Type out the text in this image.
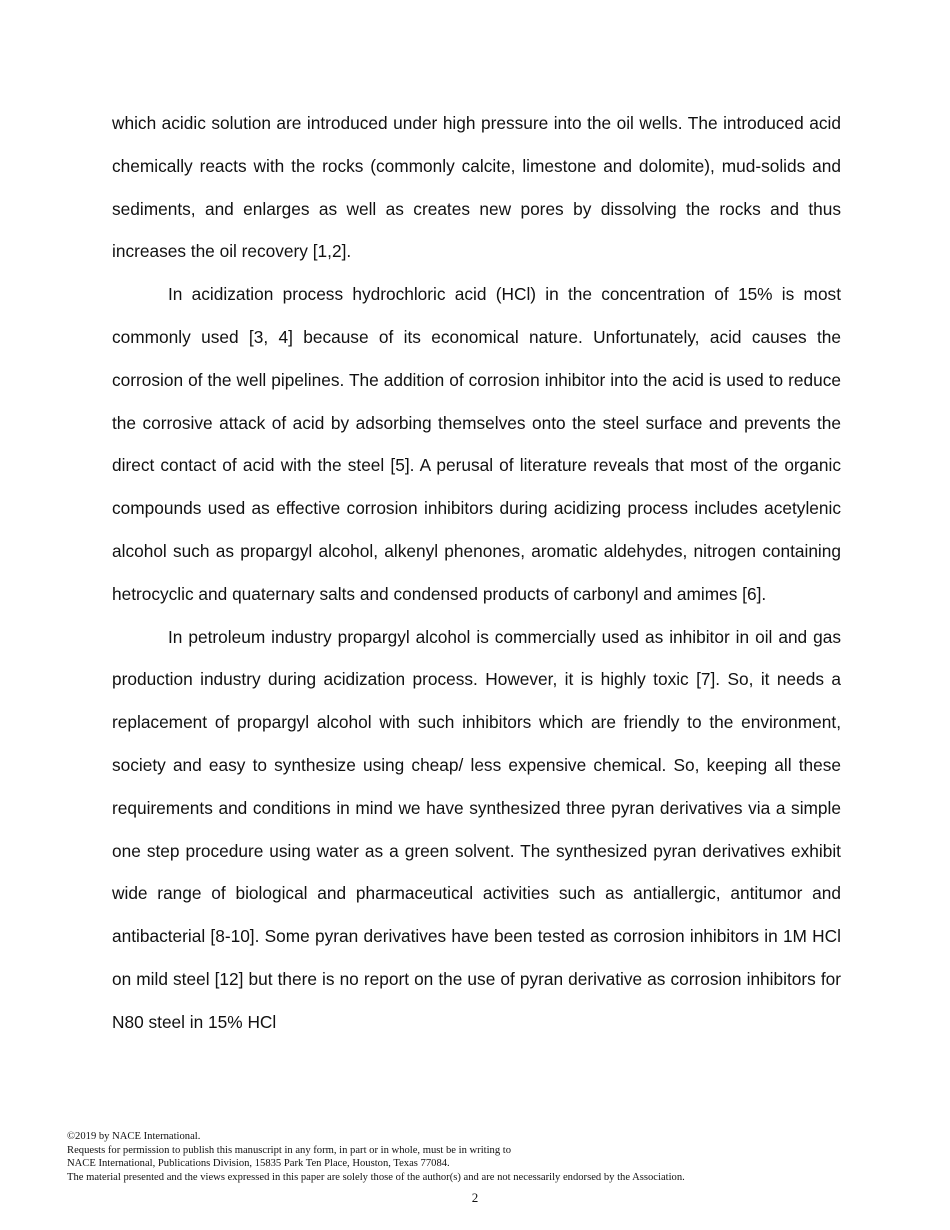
which acidic solution are introduced under high pressure into the oil wells. The introduced acid chemically reacts with the rocks (commonly calcite, limestone and dolomite), mud-solids and sediments, and enlarges as well as creates new pores by dissolving the rocks and thus increases the oil recovery [1,2].

In acidization process hydrochloric acid (HCl) in the concentration of 15% is most commonly used [3, 4] because of its economical nature. Unfortunately, acid causes the corrosion of the well pipelines. The addition of corrosion inhibitor into the acid is used to reduce the corrosive attack of acid by adsorbing themselves onto the steel surface and prevents the direct contact of acid with the steel [5]. A perusal of literature reveals that most of the organic compounds used as effective corrosion inhibitors during acidizing process includes acetylenic alcohol such as propargyl alcohol, alkenyl phenones, aromatic aldehydes, nitrogen containing hetrocyclic and quaternary salts and condensed products of carbonyl and amimes [6].

In petroleum industry propargyl alcohol is commercially used as inhibitor in oil and gas production industry during acidization process. However, it is highly toxic [7]. So, it needs a replacement of propargyl alcohol with such inhibitors which are friendly to the environment, society and easy to synthesize using cheap/ less expensive chemical. So, keeping all these requirements and conditions in mind we have synthesized three pyran derivatives via a simple one step procedure using water as a green solvent. The synthesized pyran derivatives exhibit wide range of biological and pharmaceutical activities such as antiallergic, antitumor and antibacterial [8-10]. Some pyran derivatives have been tested as corrosion inhibitors in 1M HCl on mild steel [12] but there is no report on the use of pyran derivative as corrosion inhibitors for N80 steel in 15% HCl

©2019 by NACE International.
Requests for permission to publish this manuscript in any form, in part or in whole, must be in writing to
NACE International, Publications Division, 15835 Park Ten Place, Houston, Texas 77084.
The material presented and the views expressed in this paper are solely those of the author(s) and are not necessarily endorsed by the Association.
2
